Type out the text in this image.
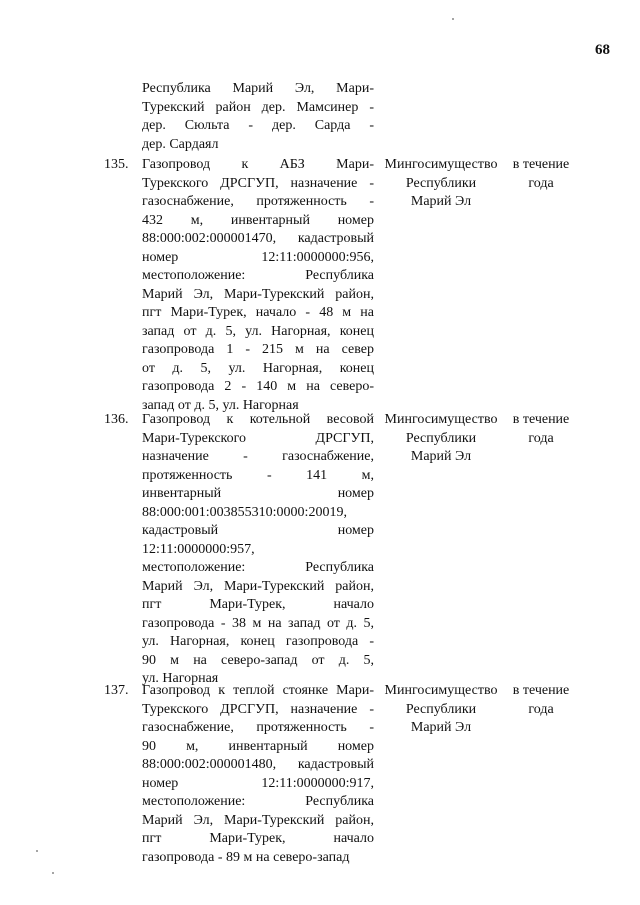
68
Республика Марий Эл, Мари-
Турекский район дер. Мамсинер -
дер. Сюльта - дер. Сарда -
дер. Сардаял
135. Газопровод к АБЗ Мари-
Турекского ДРСГУП, назначение -
газоснабжение, протяженность -
432 м, инвентарный номер
88:000:002:000001470, кадастровый
номер 12:11:0000000:956,
местоположение: Республика
Марий Эл, Мари-Турекский район,
пгт Мари-Турек, начало - 48 м на
запад от д. 5, ул. Нагорная, конец
газопровода 1 - 215 м на север
от д. 5, ул. Нагорная, конец
газопровода 2 - 140 м на северо-
запад от д. 5, ул. Нагорная
Мингосимущество
Республики
Марий Эл
в течение
года
136. Газопровод к котельной весовой
Мари-Турекского ДРСГУП,
назначение - газоснабжение,
протяженность - 141 м,
инвентарный номер
88:000:001:003855310:0000:20019,
кадастровый номер
12:11:0000000:957,
местоположение: Республика
Марий Эл, Мари-Турекский район,
пгт Мари-Турек, начало
газопровода - 38 м на запад от д. 5,
ул. Нагорная, конец газопровода -
90 м на северо-запад от д. 5,
ул. Нагорная
Мингосимущество
Республики
Марий Эл
в течение
года
137. Газопровод к теплой стоянке Мари-
Турекского ДРСГУП, назначение -
газоснабжение, протяженность -
90 м, инвентарный номер
88:000:002:000001480, кадастровый
номер 12:11:0000000:917,
местоположение: Республика
Марий Эл, Мари-Турекский район,
пгт Мари-Турек, начало
газопровода - 89 м на северо-запад
Мингосимущество
Республики
Марий Эл
в течение
года
